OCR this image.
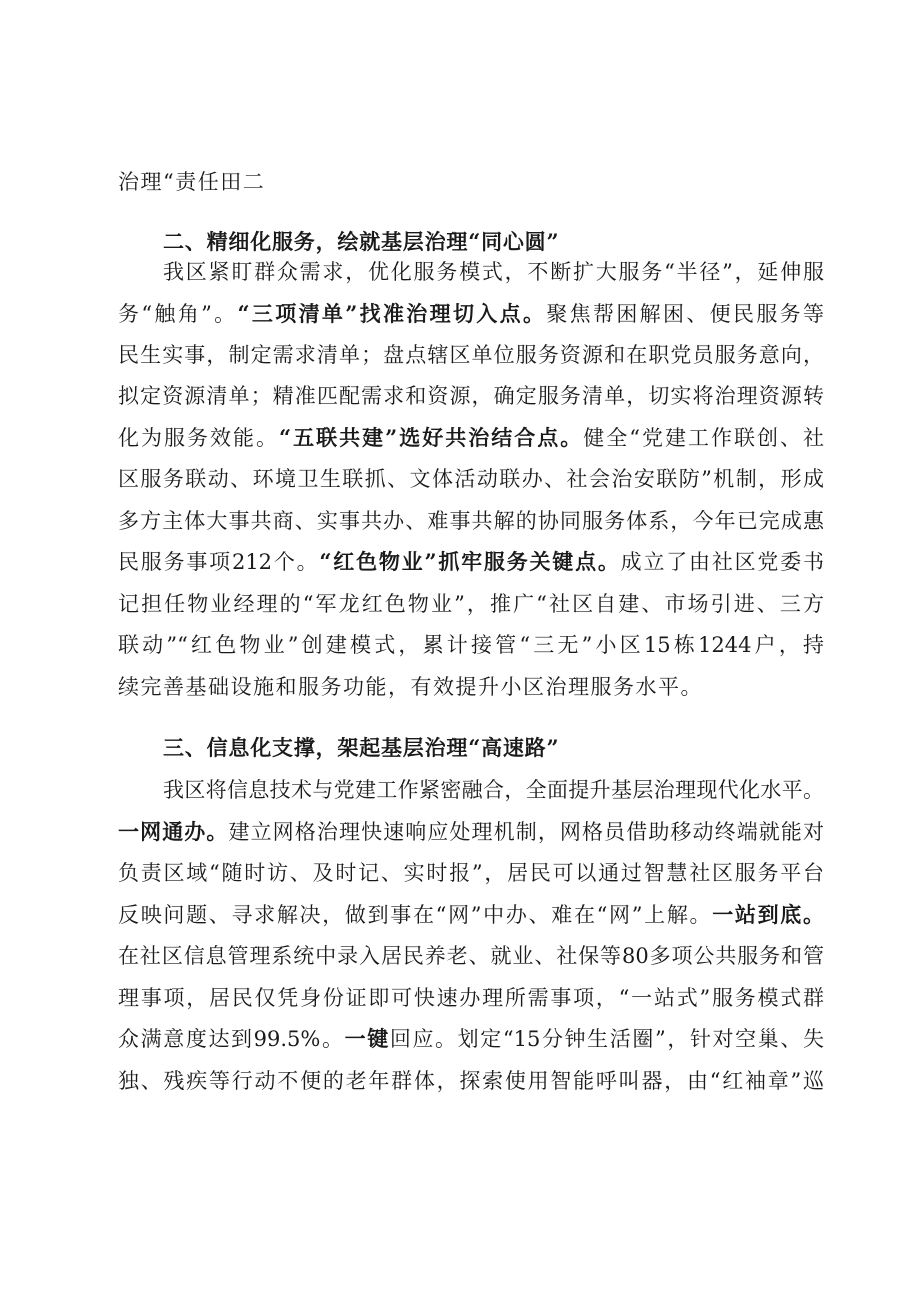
治理“责任田二
二、精细化服务，绘就基层治理“同心圆”
我区紧盯群众需求，优化服务模式，不断扩大服务“半径”，延伸服
务“触角”。“三项清单”找准治理切入点。聚焦帮困解困、便民服务等
民生实事，制定需求清单；盘点辖区单位服务资源和在职党员服务意向，
拟定资源清单；精准匹配需求和资源，确定服务清单，切实将治理资源转
化为服务效能。“五联共建”选好共治结合点。健全“党建工作联创、社
区服务联动、环境卫生联抓、文体活动联办、社会治安联防”机制，形成
多方主体大事共商、实事共办、难事共解的协同服务体系，今年已完成惠
民服务事项212个。“红色物业”抓牢服务关键点。成立了由社区党委书
记担任物业经理的“军龙红色物业”，推广“社区自建、市场引进、三方
联动”“红色物业”创建模式，累计接管“三无”小区15栋1244户，持
续完善基础设施和服务功能，有效提升小区治理服务水平。
三、信息化支撑，架起基层治理“高速路”
我区将信息技术与党建工作紧密融合，全面提升基层治理现代化水平。
一网通办。建立网格治理快速响应处理机制，网格员借助移动终端就能对
负责区域“随时访、及时记、实时报”，居民可以通过智慧社区服务平台
反映问题、寻求解决，做到事在“网”中办、难在“网”上解。一站到底。
在社区信息管理系统中录入居民养老、就业、社保等80多项公共服务和管
理事项，居民仅凭身份证即可快速办理所需事项，“一站式”服务模式群
众满意度达到99.5%。一键回应。划定“15分钟生活圈”，针对空巢、失
独、残疾等行动不便的老年群体，探索使用智能呼叫器，由“红袖章”巡
